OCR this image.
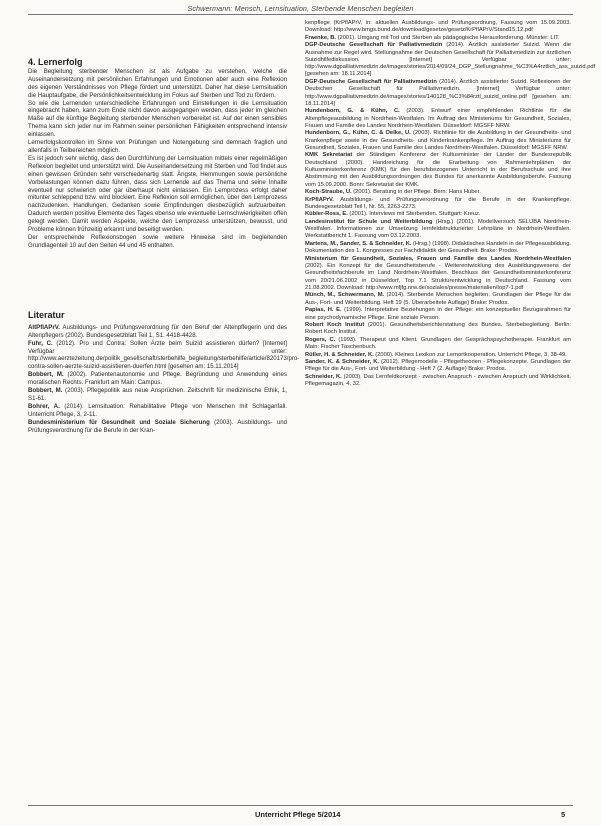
Schwermann: Mensch, Lernsituation, Sterbende Menschen begleiten
4. Lernerfolg

Die Begleitung sterbender Menschen ist als Aufgabe zu verstehen, welche die Auseinandersetzung mit persönlichen Erfahrungen und Emotionen aber auch eine Reflexion des eigenen Verständnisses von Pflege fördert und unterstützt. Daher hat diese Lernsituation die Hauptaufgabe, die Persönlichkeitsentwicklung im Fokus auf Sterben und Tod zu fördern.

So wie die Lernenden unterschiedliche Erfahrungen und Einstellungen in die Lernsituation eingebracht haben, kann zum Ende nicht davon ausgegangen werden, dass jeder im gleichen Maße auf die künftige Begleitung sterbender Menschen vorbereitet ist. Auf der einen sensibles Thema kann sich jeder nur im Rahmen seiner persönlichen Fähigkeiten entsprechend intensiv einlassen.

Lernerfolgskontrollen im Sinne von Prüfungen und Notengebung sind demnach fraglich und allenfalls in Teilbereichen möglich.

Es ist jedoch sehr wichtig, dass den Durchführung der Lernsituation mittels einer regelmäßigen Reflexion begleitet und unterstützt wird. Die Auseinandersetzung mit Sterben und Tod findet aus einen gewissen Gründen sehr verschiedenartig statt. Ängste, Hemmungen sowie persönliche Vorbelastungen können dazu führen, dass sich Lernende auf das Thema und seine Inhalte eventuell nur schwierich oder gar überhaupt nicht einlassen. Ein Lernprozess erfolgt daher mitunter schleppend bzw. wird blockiert. Eine Reflexion soll ermöglichen, über den Lernprozess nachzudenken. Handlungen, Gedanken sowie Empfindungen diesbezüglich aufzuarbeiten. Dadurch werden positive Elemente des Tages ebenso wie eventuelle Lernschwierigkeiten offen gelegt werden. Damit werden Aspekte, welche den Lernprozess unterstützen, bewusst, und Probleme können frühzeitig erkannt und beseitigt werden.

Der entsprechende Reflexionsbogen sowie weitere Hinweise sind im begleitenden Grundlagenteil 10 auf den Seiten 44 und 45 enthalten.

Literatur

AltPflAPrV. Ausbildungs- und Prüfungsverordnung für den Beruf der Altenpflegerin und des Altenpflegers (2002). Bundesgesetzblatt Teil 1, S1. 4418-4428.

Fuhr, C. (2012). Pro und Contra: Sollen Ärzte beim Suizid assistieren dürfen? [Internet] Verfügbar unter: http://www.aerztezeitung.de/politik_gesellschaft/sterbehilfe_begleitung/sterbehilfe/article/820173/pro-contra-sollen-aerzte-suizid-assistieren-duerfen.html [gesehen am: 15.11.2014]

Bobbert, M. (2002). Patientenautonomie und Pflege. Begründung und Anwendung eines moralischen Rechts. Frankfurt am Main: Campus.

Bobbert, M. (2003). Pflegepolitik aus neue Ansprüchen. Zeitschrift für medizinische Ethik, 1, S1-61.

Bohrer, A. (2014). Lernsituation: Rehabilitative Pflege von Menschen mit Schlaganfall. Unterricht Pflege, 3, 2-11.

Bundesministerium für Gesundheit und Soziale Sicherung (2003). Ausbildungs- und Prüfungsverordnung für die Berufe in der Kran-

kenpflege (KrPflAPrV, in: aktuellen Ausbildungs- und Prüfungsordnung, Fassung vom 15.09.2003. Download: http://www.bmgs.bund.de/download/gesetze/gesetz/KrPflAPrV/Stand15.12.pdf

Fraenke, B. (2001). Umgang mit Tod und Sterben als pädagogische Herausforderung. Münster: LIT.

DGP-Deutsche Gesellschaft für Palliativmedizin (2014). Ärztlich assistierter Suizid. Wenn die Ausnahme zur Regel wird. Stellungnahme der Deutschen Gesellschaft für Palliativmedizin zur ärztlichen Suizidhilfediskussion. [Internet] Verfügbar unter: http://www.dgpalliativmedizin.de/images/stories/2014/09/24_DGP_Stellungnahme_%C3%A4rztlich_ass_suizid.pdf [gesehen am: 18.11.2014]

DGP-Deutsche Gesellschaft für Palliativmedizin (2014). Ärztlich assistierter Suizid. Reflexionen der Deutschen Gesellschaft für Palliativmedizin. [Internet] Verfügbar unter: http://www.dgpalliativmedizin.de/images/stories/140128_%C3%84rztl_suizid_online.pdf [gesehen am: 18.11.2014]

Hundenborn, G. & Kühn, C. (2003). Entwurf einer empfehlenden Richtlinie für die Altenpflegeausbildung in Nordrhein-Westfalen. Im Auftrag des Ministeriums für Gesundheit, Soziales, Frauen und Familie des Landes Nordrhein-Westfalen. Düsseldorf: MGSFF NRW.

Hundenborn, G., Kühn, C. & Oelke, U. (2003). Richtlinie für die Ausbildung in der Gesundheits- und Krankenpflege sowie in der Gesundheits- und Kinderkrankenpflege. Im Auftrag des Ministeriums für Gesundheit, Soziales, Frauen und Familie des Landes Nordrhein-Westfalen. Düsseldorf: MGSFF NRW.

KMK Sekretariat der Ständigen Konferenz der Kultusminister der Länder der Bundesrepublik Deutschland (2000). Handreichung für die Erarbeitung von Rahmenlehrplänen der Kultusministerkonferenz (KMK) für den berufsbezogenen Unterricht in der Berufsschule und ihre Abstimmung mit den Ausbildungsordnungen des Bundes für anerkannte Ausbildungsberufe. Fassung vom 15.09.2000. Bonn: Sekretariat der KMK.

Koch-Straube, U. (2001). Beratung in der Pflege. Bern: Hans Huber.

KrPflAPrV. Ausbildungs- und Prüfungsverordnung für die Berufe in der Krankenpflege. Bundesgesetzblatt Teil I, Nr. 55, 2263-2273.

Kübler-Ross, E. (2001). Interviews mit Sterbenden. Stuttgart: Kreuz.

Landesinstitut für Schule und Weiterbildung (Hrsg.) (2001). Modellversuch SELUBA Nordrhein-Westfalen. Informationen zur Umsetzung lernfeldstrukturierter Lehrpläne in Nordrhein-Westfalen. Werkstattbericht 1. Fassung vom 03.12.2003.

Martens, M., Sander, S. & Schneider, K. (Hrsg.) (1998). Didaktisches Handeln in der Pflegeausbildung. Dokumentation des 1. Kongresses zur Fachdidaktik der Gesundheit. Brake: Prodos.

Ministerium für Gesundheit, Soziales, Frauen und Familie des Landes Nordrhein-Westfalen (2002). Ein Konzept für die Gesundheitsberufe - Weiterentwicklung des Ausbildungswesens der Gesundheitsfachberufe im Land Nordrhein-Westfalen. Beschluss der Gesundheitsministerkonferenz vom 20/21.06.2002 in Düsseldorf, Top 7.1 Strukturentwicklung in Deutschland. Fassung vom 21.08.2002. Download: http://www.mfjfg.nrw.de/soziales/presse/materialien/top7-1.pdf

Münch, M., Schwermann, M. (2014). Sterbende Menschen begleiten. Grundlagen der Pflege für die Aus-, Fort- und Weiterbildung. Heft 19 (5. Überarbeitete Auflage) Brake: Prodos.

Papias, H. E. (1999). Interpretative Beziehungen in der Pflege: ein konzeptueller Bezugsrahmen für eine psychodynamische Pflege. Eine soziale Person.

Robert Koch Institut (2001). Gesundheitsberichterstattung des Bundes. Sterbebegleitung. Berlin: Robert Koch Institut.

Rogers, C. (1993). Therapeut und Klient. Grundlagen der Gesprächspsychotherapie. Frankfurt am Main: Fischer Taschenbuch.

Rüller, H. & Schneider, K. (2000). Kleines Lexikon zur Lernortkooperation. Unterricht Pflege, 3, 38-49.

Sander, K. & Schneider, K. (2012). Pflegemodelle - Pflegetheorien - Pflegekonzepte. Grundlagen der Pflege für die Aus-, Fort- und Weiterbildung - Heft 7 (2. Auflage) Brake: Prodos.

Schneider, K. (2003). Das Lernfeldkonzept - zwischen Anspruch - zwischen Anspruch und Wirklichkeit. Pflegemagazin, 4, 32.

Unterricht Pflege 5/2014	5
